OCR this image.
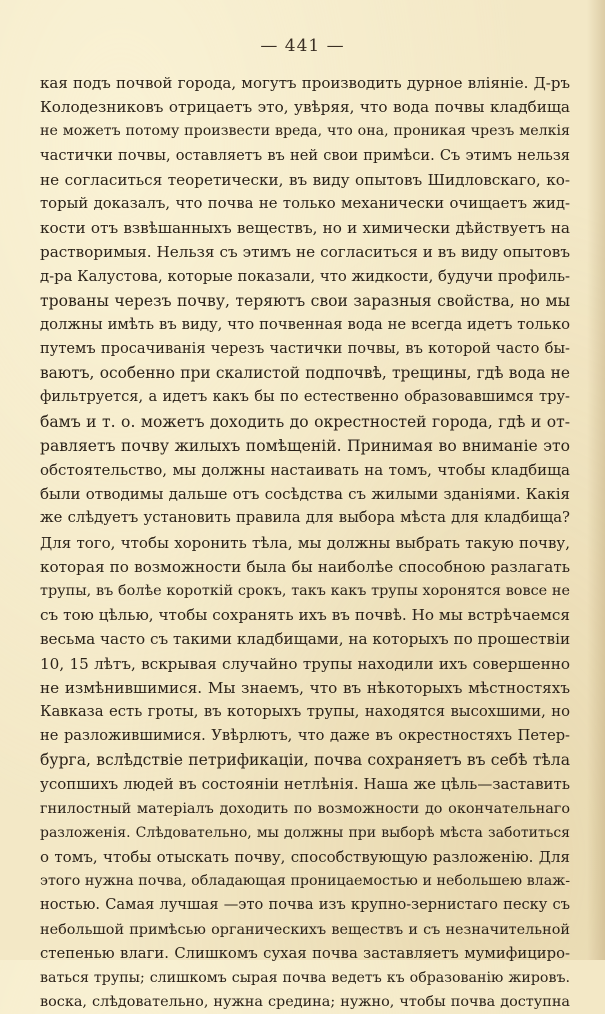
— 441 —
кая подъ почвой города, могутъ производить дурное вліяніе. Д-ръ
Колодезниковъ отрицаетъ это, увѣряя, что вода почвы кладбища
не можетъ потому произвести вреда, что она, проникая чрезъ мелкія
частички почвы, оставляетъ въ ней свои примѣси. Съ этимъ нельзя
не согласиться теоретически, въ виду опытовъ Шидловскаго, ко-
торый доказалъ, что почва не только механически очищаетъ жид-
кости отъ взвѣшанныхъ веществъ, но и химически дѣйствуетъ на
растворимыя. Нельзя съ этимъ не согласиться и въ виду опытовъ
д-ра Калустова, которые показали, что жидкости, будучи профиль-
трованы черезъ почву, теряютъ свои заразныя свойства, но мы
должны имѣть въ виду, что почвенная вода не всегда идетъ только
путемъ просачиванія черезъ частички почвы, въ которой часто бы-
ваютъ, особенно при скалистой подпочвѣ, трещины, гдѣ вода не
фильтруется, а идетъ какъ бы по естественно образовавшимся тру-
бамъ и т. о. можетъ доходить до окрестностей города, гдѣ и от-
равляетъ почву жилыхъ помѣщеній. Принимая во вниманіе это
обстоятельство, мы должны настаивать на томъ, чтобы кладбища
были отводимы дальше отъ сосѣдства съ жилыми зданіями. Какія
же слѣдуетъ установить правила для выбора мѣста для кладбища?
Для того, чтобы хоронить тѣла, мы должны выбрать такую почву,
которая по возможности была бы наиболѣе способною разлагать
трупы, въ болѣе короткій срокъ, такъ какъ трупы хоронятся вовсе не
съ тою цѣлью, чтобы сохранять ихъ въ почвѣ. Но мы встрѣчаемся
весьма часто съ такими кладбищами, на которыхъ по прошествіи
10, 15 лѣтъ, вскрывая случайно трупы находили ихъ совершенно
не измѣнившимися. Мы знаемъ, что въ нѣкоторыхъ мѣстностяхъ
Кавказа есть гроты, въ которыхъ трупы, находятся высохшими, но
не разложившимися. Увѣрлютъ, что даже въ окрестностяхъ Петер-
бурга, вслѣдствіе петрификаціи, почва сохраняетъ въ себѣ тѣла
усопшихъ людей въ состояніи нетлѣнія. Наша же цѣль—заставить
гнилостный матеріалъ доходить по возможности до окончательнаго
разложенія. Слѣдовательно, мы должны при выборѣ мѣста заботиться
о томъ, чтобы отыскать почву, способствующую разложенію. Для
этого нужна почва, обладающая проницаемостью и небольшею влаж-
ностью. Самая лучшая —это почва изъ крупно-зернистаго песку съ
небольшой примѣсью органическихъ веществъ и съ незначительной
степенью влаги. Слишкомъ сухая почва заставляетъ мумифициро-
ваться трупы; слишкомъ сырая почва ведетъ къ образованію жировъ.
воска, слѣдовательно, нужна средина; нужно, чтобы почва доступна
